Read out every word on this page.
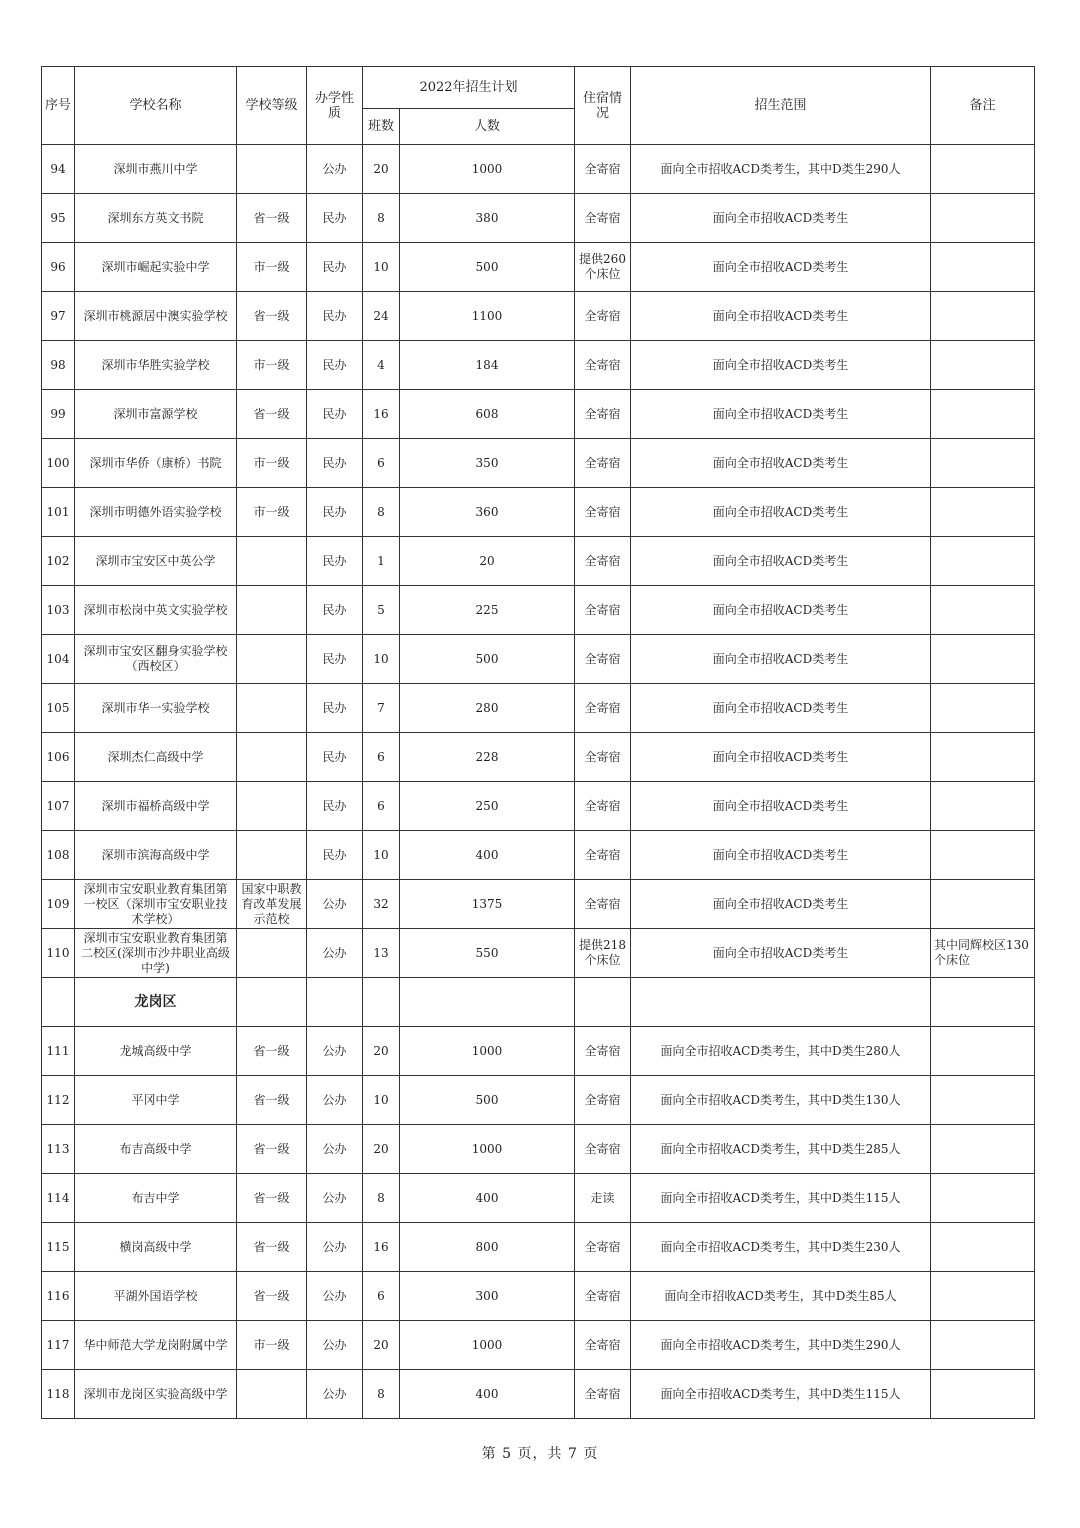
序号	学校名称	学校等级	办学性质	2022年招生计划		住宿情况	招生范围	备注
				班数	人数			
94	深圳市燕川中学		公办	20	1000	全寄宿	面向全市招收ACD类考生，其中D类生290人	
95	深圳东方英文书院	省一级	民办	8	380	全寄宿	面向全市招收ACD类考生	
96	深圳市崛起实验中学	市一级	民办	10	500	提供260个床位	面向全市招收ACD类考生	
97	深圳市桃源居中澳实验学校	省一级	民办	24	1100	全寄宿	面向全市招收ACD类考生	
98	深圳市华胜实验学校	市一级	民办	4	184	全寄宿	面向全市招收ACD类考生	
99	深圳市富源学校	省一级	民办	16	608	全寄宿	面向全市招收ACD类考生	
100	深圳市华侨（康桥）书院	市一级	民办	6	350	全寄宿	面向全市招收ACD类考生	
101	深圳市明德外语实验学校	市一级	民办	8	360	全寄宿	面向全市招收ACD类考生	
102	深圳市宝安区中英公学		民办	1	20	全寄宿	面向全市招收ACD类考生	
103	深圳市松岗中英文实验学校		民办	5	225	全寄宿	面向全市招收ACD类考生	
104	深圳市宝安区翻身实验学校（西校区）		民办	10	500	全寄宿	面向全市招收ACD类考生	
105	深圳市华一实验学校		民办	7	280	全寄宿	面向全市招收ACD类考生	
106	深圳杰仁高级中学		民办	6	228	全寄宿	面向全市招收ACD类考生	
107	深圳市福桥高级中学		民办	6	250	全寄宿	面向全市招收ACD类考生	
108	深圳市滨海高级中学		民办	10	400	全寄宿	面向全市招收ACD类考生	
109	深圳市宝安职业教育集团第一校区（深圳市宝安职业技术学校）	国家中职教育改革发展示范校	公办	32	1375	全寄宿	面向全市招收ACD类考生	
110	深圳市宝安职业教育集团第二校区(深圳市沙井职业高级中学)		公办	13	550	提供218个床位	面向全市招收ACD类考生	其中同辉校区130个床位
	龙岗区							
111	龙城高级中学	省一级	公办	20	1000	全寄宿	面向全市招收ACD类考生，其中D类生280人	
112	平冈中学	省一级	公办	10	500	全寄宿	面向全市招收ACD类考生，其中D类生130人	
113	布吉高级中学	省一级	公办	20	1000	全寄宿	面向全市招收ACD类考生，其中D类生285人	
114	布吉中学	省一级	公办	8	400	走读	面向全市招收ACD类考生，其中D类生115人	
115	横岗高级中学	省一级	公办	16	800	全寄宿	面向全市招收ACD类考生，其中D类生230人	
116	平湖外国语学校	省一级	公办	6	300	全寄宿	面向全市招收ACD类考生，其中D类生85人	
117	华中师范大学龙岗附属中学	市一级	公办	20	1000	全寄宿	面向全市招收ACD类考生，其中D类生290人	
118	深圳市龙岗区实验高级中学		公办	8	400	全寄宿	面向全市招收ACD类考生，其中D类生115人	
第 5 页，共 7 页
